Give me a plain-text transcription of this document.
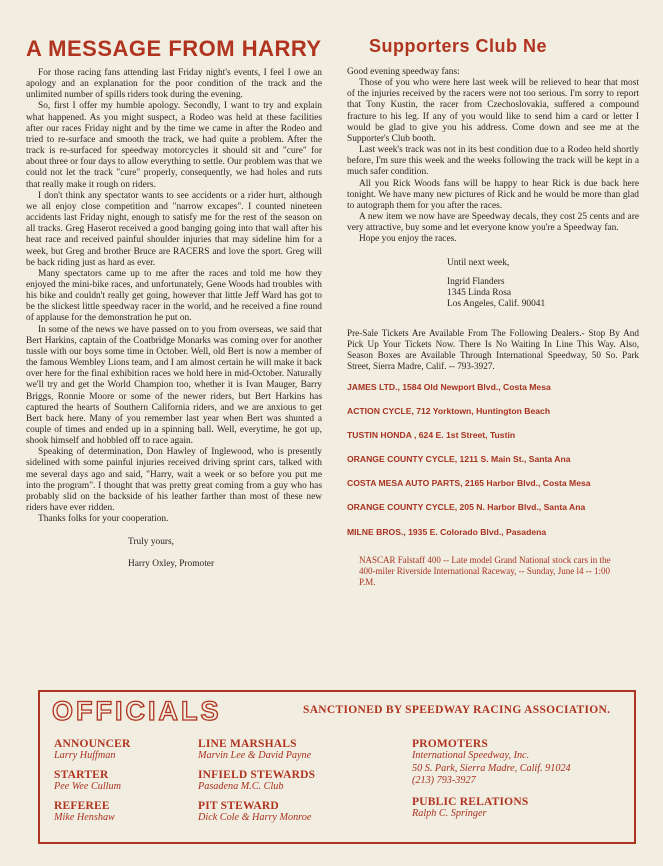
A MESSAGE FROM HARRY

For those racing fans attending last Friday night's events, I feel I owe an apology and an explanation for the poor condition of the track and the unlimited number of spills riders took during the evening.

So, first I offer my humble apology. Secondly, I want to try and explain what happened. As you might suspect, a Rodeo was held at these facilities after our races Friday night and by the time we came in after the Rodeo and tried to re-surface and smooth the track, we had quite a problem. After the track is re-surfaced for speedway motorcycles it should sit and "cure" for about three or four days to allow everything to settle. Our problem was that we could not let the track "cure" properly, consequently, we had holes and ruts that really make it rough on riders.

I don't think any spectator wants to see accidents or a rider hurt, although we all enjoy close competition and "narrow excapes". I counted nineteen accidents last Friday night, enough to satisfy me for the rest of the season on all tracks. Greg Haserot received a good banging going into that wall after his heat race and received painful shoulder injuries that may sideline him for a week, but Greg and brother Bruce are RACERS and love the sport. Greg will be back riding just as hard as ever.

Many spectators came up to me after the races and told me how they enjoyed the mini-bike races, and unfortunately, Gene Woods had troubles with his bike and couldn't really get going, however that little Jeff Ward has got to be the slickest little speedway racer in the world, and he received a fine round of applause for the demonstration he put on.

In some of the news we have passed on to you from overseas, we said that Bert Harkins, captain of the Coatbridge Monarks was coming over for another tussle with our boys some time in October. Well, old Bert is now a member of the famous Wembley Lions team, and I am almost certain he will make it back over here for the final exhibition races we hold here in mid-October. Naturally we'll try and get the World Champion too, whether it is Ivan Mauger, Barry Briggs, Ronnie Moore or some of the newer riders, but Bert Harkins has captured the hearts of Southern California riders, and we are anxious to get Bert back here. Many of you remember last year when Bert was shunted a couple of times and ended up in a spinning ball. Well, everytime, he got up, shook himself and hobbled off to race again.

Speaking of determination, Don Hawley of Inglewood, who is presently sidelined with some painful injuries received driving sprint cars, talked with me several days ago and said, "Harry, wait a week or so before you put me into the program". I thought that was pretty great coming from a guy who has probably slid on the backside of his leather farther than most of these new riders have ever ridden.

Thanks folks for your cooperation.

Truly yours,
Harry Oxley, Promoter
Supporters Club Ne

Good evening speedway fans:

Those of you who were here last week will be relieved to hear that most of the injuries received by the racers were not too serious. I'm sorry to report that Tony Kustin, the racer from Czechoslovakia, suffered a compound fracture to his leg. If any of you would like to send him a card or letter I would be glad to give you his address. Come down and see me at the Supporter's Club booth.

Last week's track was not in its best condition due to a Rodeo held shortly before, I'm sure this week and the weeks following the track will be kept in a much safer condition.

All you Rick Woods fans will be happy to hear Rick is due back here tonight. We have many new pictures of Rick and he would be more than glad to autograph them for you after the races.

A new item we now have are Speedway decals, they cost 25 cents and are very attractive, buy some and let everyone know you're a Speedway fan.

Hope you enjoy the races.

Until next week,
Ingrid Flanders
1345 Linda Rosa
Los Angeles, Calif. 90041

Pre-Sale Tickets Are Available From The Following Dealers.- Stop By And Pick Up Your Tickets Now. There Is No Waiting In Line This Way. Also, Season Boxes are Available Through International Speedway, 50 So. Park Street, Sierra Madre, Calif. -- 793-3927.

JAMES LTD., 1584 Old Newport Blvd., Costa Mesa
ACTION CYCLE, 712 Yorktown, Huntington Beach
TUSTIN HONDA , 624 E. 1st Street, Tustin
ORANGE COUNTY CYCLE, 1211 S. Main St., Santa Ana
COSTA MESA AUTO PARTS, 2165 Harbor Blvd., Costa Mesa
ORANGE COUNTY CYCLE, 205 N. Harbor Blvd., Santa Ana
MILNE BROS., 1935 E. Colorado Blvd., Pasadena

NASCAR Falstaff 400 -- Late model Grand National stock cars in the 400-miler Riverside International Raceway, -- Sunday, June l4 -- 1:00 P.M.

OFFICIALS	SANCTIONED BY SPEEDWAY RACING ASSOCIATION.
ANNOUNCER
Larry Huffman
STARTER
Pee Wee Cullum
REFEREE
Mike Henshaw
LINE MARSHALS
Marvin Lee & David Payne
INFIELD STEWARDS
Pasadena M.C. Club
PIT STEWARD
Dick Cole & Harry Monroe
PROMOTERS
International Speedway, Inc.
50 S. Park, Sierra Madre, Calif. 91024
(213) 793-3927
PUBLIC RELATIONS
Ralph C. Springer
